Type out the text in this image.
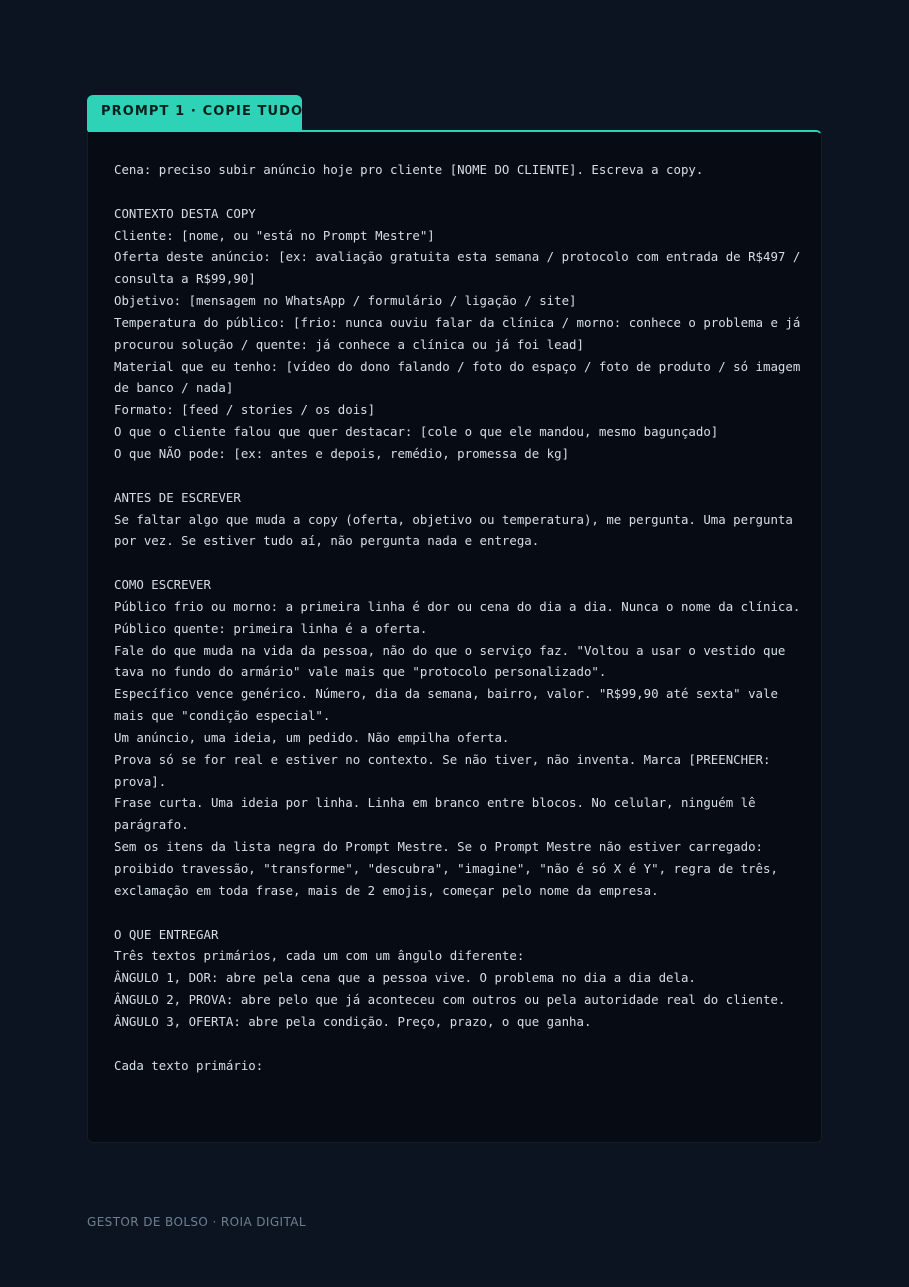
PROMPT 1 · COPIE TUDO
Cena: preciso subir anúncio hoje pro cliente [NOME DO CLIENTE]. Escreva a copy.

CONTEXTO DESTA COPY
Cliente: [nome, ou "está no Prompt Mestre"]
Oferta deste anúncio: [ex: avaliação gratuita esta semana / protocolo com entrada de R$497 / consulta a R$99,90]
Objetivo: [mensagem no WhatsApp / formulário / ligação / site]
Temperatura do público: [frio: nunca ouviu falar da clínica / morno: conhece o problema e já procurou solução / quente: já conhece a clínica ou já foi lead]
Material que eu tenho: [vídeo do dono falando / foto do espaço / foto de produto / só imagem de banco / nada]
Formato: [feed / stories / os dois]
O que o cliente falou que quer destacar: [cole o que ele mandou, mesmo bagunçado]
O que NÃO pode: [ex: antes e depois, remédio, promessa de kg]

ANTES DE ESCREVER
Se faltar algo que muda a copy (oferta, objetivo ou temperatura), me pergunta. Uma pergunta por vez. Se estiver tudo aí, não pergunta nada e entrega.

COMO ESCREVER
Público frio ou morno: a primeira linha é dor ou cena do dia a dia. Nunca o nome da clínica.
Público quente: primeira linha é a oferta.
Fale do que muda na vida da pessoa, não do que o serviço faz. "Voltou a usar o vestido que tava no fundo do armário" vale mais que "protocolo personalizado".
Específico vence genérico. Número, dia da semana, bairro, valor. "R$99,90 até sexta" vale mais que "condição especial".
Um anúncio, uma ideia, um pedido. Não empilha oferta.
Prova só se for real e estiver no contexto. Se não tiver, não inventa. Marca [PREENCHER: prova].
Frase curta. Uma ideia por linha. Linha em branco entre blocos. No celular, ninguém lê parágrafo.
Sem os itens da lista negra do Prompt Mestre. Se o Prompt Mestre não estiver carregado: proibido travessão, "transforme", "descubra", "imagine", "não é só X é Y", regra de três, exclamação em toda frase, mais de 2 emojis, começar pelo nome da empresa.

O QUE ENTREGAR
Três textos primários, cada um com um ângulo diferente:
ÂNGULO 1, DOR: abre pela cena que a pessoa vive. O problema no dia a dia dela.
ÂNGULO 2, PROVA: abre pelo que já aconteceu com outros ou pela autoridade real do cliente.
ÂNGULO 3, OFERTA: abre pela condição. Preço, prazo, o que ganha.

Cada texto primário:
GESTOR DE BOLSO · ROIA DIGITAL
